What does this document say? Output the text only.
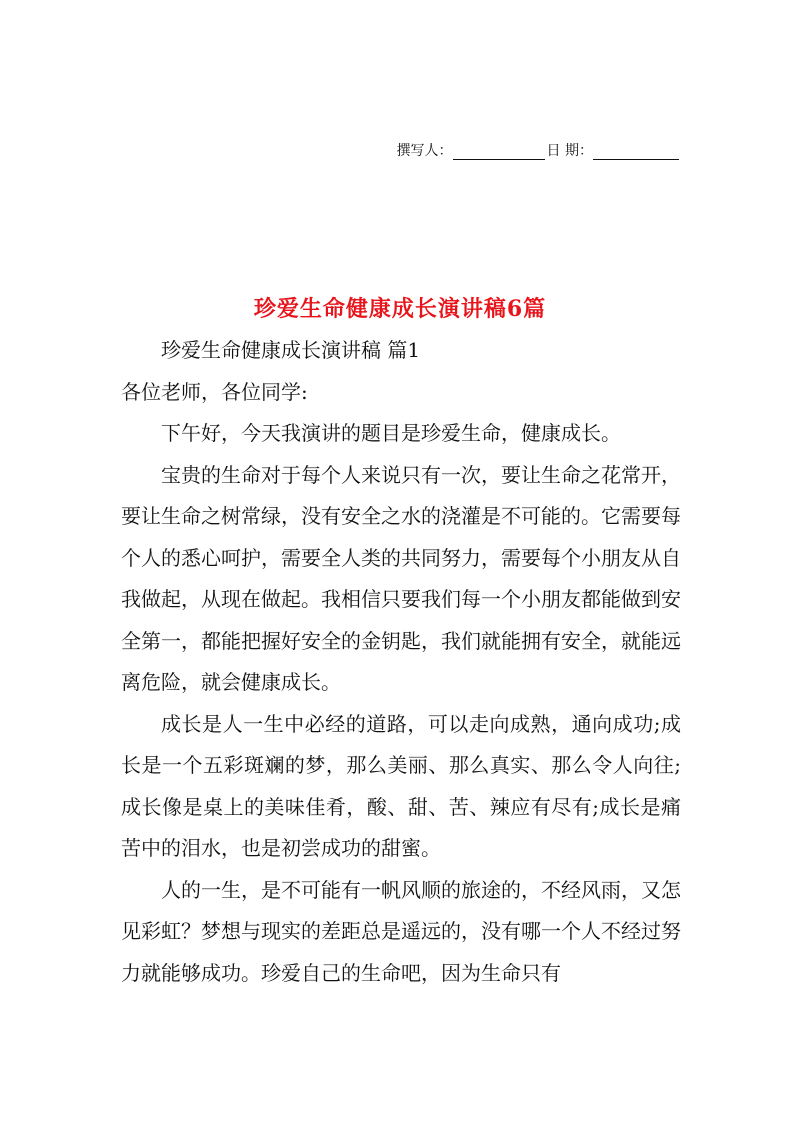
撰写人：	日 期：
珍爱生命健康成长演讲稿6篇

珍爱生命健康成长演讲稿 篇1

各位老师，各位同学:

下午好，今天我演讲的题目是珍爱生命，健康成长。

宝贵的生命对于每个人来说只有一次，要让生命之花常开，要让生命之树常绿，没有安全之水的浇灌是不可能的。它需要每个人的悉心呵护，需要全人类的共同努力，需要每个小朋友从自我做起，从现在做起。我相信只要我们每一个小朋友都能做到安全第一，都能把握好安全的金钥匙，我们就能拥有安全，就能远离危险，就会健康成长。

成长是人一生中必经的道路，可以走向成熟，通向成功;成长是一个五彩斑斓的梦，那么美丽、那么真实、那么令人向往;成长像是桌上的美味佳肴，酸、甜、苦、辣应有尽有;成长是痛苦中的泪水，也是初尝成功的甜蜜。

人的一生，是不可能有一帆风顺的旅途的，不经风雨，又怎见彩虹？梦想与现实的差距总是遥远的，没有哪一个人不经过努力就能够成功。珍爱自己的生命吧，因为生命只有
